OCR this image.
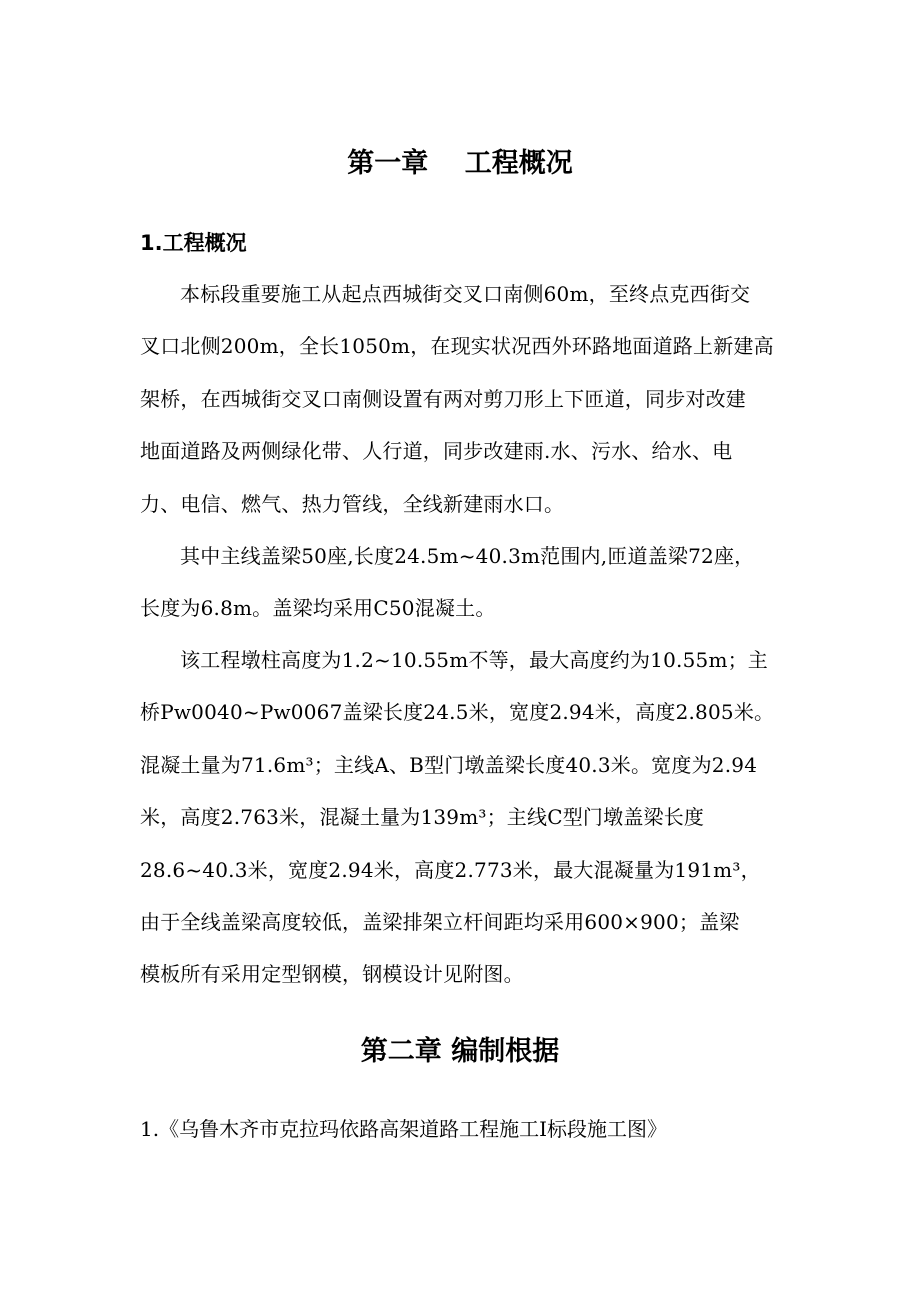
第一章　 工程概况
1.工程概况
本标段重要施工从起点西城街交叉口南侧60m，至终点克西街交
叉口北侧200m，全长1050m，在现实状况西外环路地面道路上新建高
架桥，在西城街交叉口南侧设置有两对剪刀形上下匝道，同步对改建
地面道路及两侧绿化带、人行道，同步改建雨.水、污水、给水、电
力、电信、燃气、热力管线，全线新建雨水口。
其中主线盖梁50座,长度24.5m~40.3m范围内,匝道盖梁72座，
长度为6.8m。盖梁均采用C50混凝土。
该工程墩柱高度为1.2~10.55m不等，最大高度约为10.55m；主
桥Pw0040~Pw0067盖梁长度24.5米，宽度2.94米，高度2.805米。
混凝土量为71.6m³；主线A、B型门墩盖梁长度40.3米。宽度为2.94
米，高度2.763米，混凝土量为139m³；主线C型门墩盖梁长度
28.6~40.3米，宽度2.94米，高度2.773米，最大混凝量为191m³，
由于全线盖梁高度较低，盖梁排架立杆间距均采用600×900；盖梁
模板所有采用定型钢模，钢模设计见附图。
第二章 编制根据
1.《乌鲁木齐市克拉玛依路高架道路工程施工Ⅰ标段施工图》
